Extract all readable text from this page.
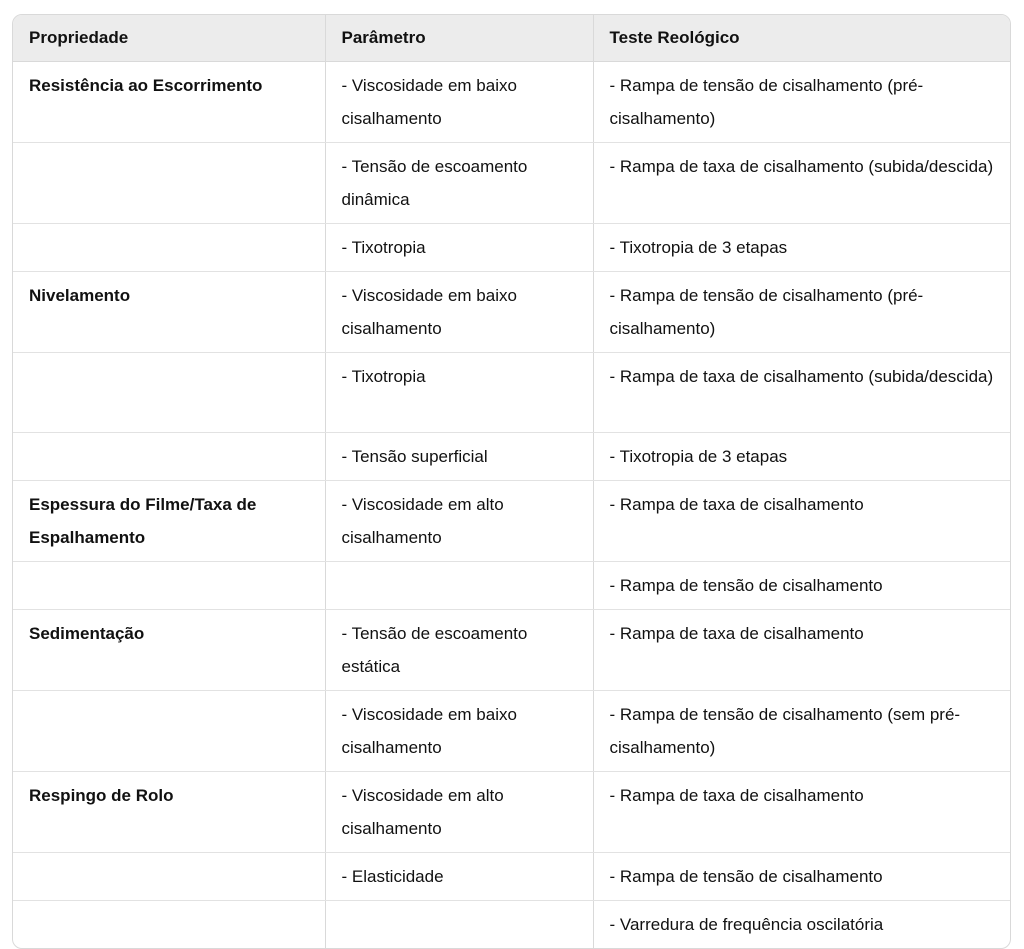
Propriedade	Parâmetro	Teste Reológico
Resistência ao Escorrimento	- Viscosidade em baixo cisalhamento	- Rampa de tensão de cisalhamento (pré-cisalhamento)
	- Tensão de escoamento dinâmica	- Rampa de taxa de cisalhamento (subida/descida)
	- Tixotropia	- Tixotropia de 3 etapas
Nivelamento	- Viscosidade em baixo cisalhamento	- Rampa de tensão de cisalhamento (pré-cisalhamento)
	- Tixotropia	- Rampa de taxa de cisalhamento (subida/descida)
	- Tensão superficial	- Tixotropia de 3 etapas
Espessura do Filme/Taxa de Espalhamento	- Viscosidade em alto cisalhamento	- Rampa de taxa de cisalhamento
		- Rampa de tensão de cisalhamento
Sedimentação	- Tensão de escoamento estática	- Rampa de taxa de cisalhamento
	- Viscosidade em baixo cisalhamento	- Rampa de tensão de cisalhamento (sem pré-cisalhamento)
Respingo de Rolo	- Viscosidade em alto cisalhamento	- Rampa de taxa de cisalhamento
	- Elasticidade	- Rampa de tensão de cisalhamento
		- Varredura de frequência oscilatória
